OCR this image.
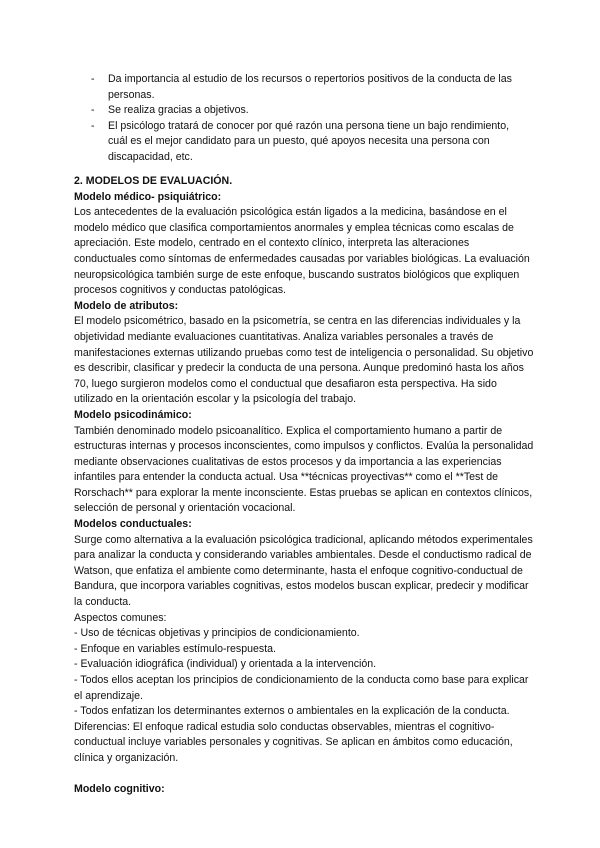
- Da importancia al estudio de los recursos o repertorios positivos de la conducta de las personas.
- Se realiza gracias a objetivos.
- El psicólogo tratará de conocer por qué razón una persona tiene un bajo rendimiento, cuál es el mejor candidato para un puesto, qué apoyos necesita una persona con discapacidad, etc.

2. MODELOS DE EVALUACIÓN.

Modelo médico- psiquiátrico:

Los antecedentes de la evaluación psicológica están ligados a la medicina, basándose en el modelo médico que clasifica comportamientos anormales y emplea técnicas como escalas de apreciación. Este modelo, centrado en el contexto clínico, interpreta las alteraciones conductuales como síntomas de enfermedades causadas por variables biológicas. La evaluación neuropsicológica también surge de este enfoque, buscando sustratos biológicos que expliquen procesos cognitivos y conductas patológicas.

Modelo de atributos:

El modelo psicométrico, basado en la psicometría, se centra en las diferencias individuales y la objetividad mediante evaluaciones cuantitativas. Analiza variables personales a través de manifestaciones externas utilizando pruebas como test de inteligencia o personalidad. Su objetivo es describir, clasificar y predecir la conducta de una persona. Aunque predominó hasta los años 70, luego surgieron modelos como el conductual que desafiaron esta perspectiva. Ha sido utilizado en la orientación escolar y la psicología del trabajo.

Modelo psicodinámico:

También denominado modelo psicoanalítico. Explica el comportamiento humano a partir de estructuras internas y procesos inconscientes, como impulsos y conflictos. Evalúa la personalidad mediante observaciones cualitativas de estos procesos y da importancia a las experiencias infantiles para entender la conducta actual. Usa **técnicas proyectivas** como el **Test de Rorschach** para explorar la mente inconsciente. Estas pruebas se aplican en contextos clínicos, selección de personal y orientación vocacional.

Modelos conductuales:

Surge como alternativa a la evaluación psicológica tradicional, aplicando métodos experimentales para analizar la conducta y considerando variables ambientales. Desde el conductismo radical de Watson, que enfatiza el ambiente como determinante, hasta el enfoque cognitivo-conductual de Bandura, que incorpora variables cognitivas, estos modelos buscan explicar, predecir y modificar la conducta.

Aspectos comunes:

- Uso de técnicas objetivas y principios de condicionamiento.

- Enfoque en variables estímulo-respuesta.

- Evaluación idiográfica (individual) y orientada a la intervención.

- Todos ellos aceptan los principios de condicionamiento de la conducta como base para explicar el aprendizaje.

- Todos enfatizan los determinantes externos o ambientales en la explicación de la conducta.

Diferencias: El enfoque radical estudia solo conductas observables, mientras el cognitivo-conductual incluye variables personales y cognitivas. Se aplican en ámbitos como educación, clínica y organización.

Modelo cognitivo:
